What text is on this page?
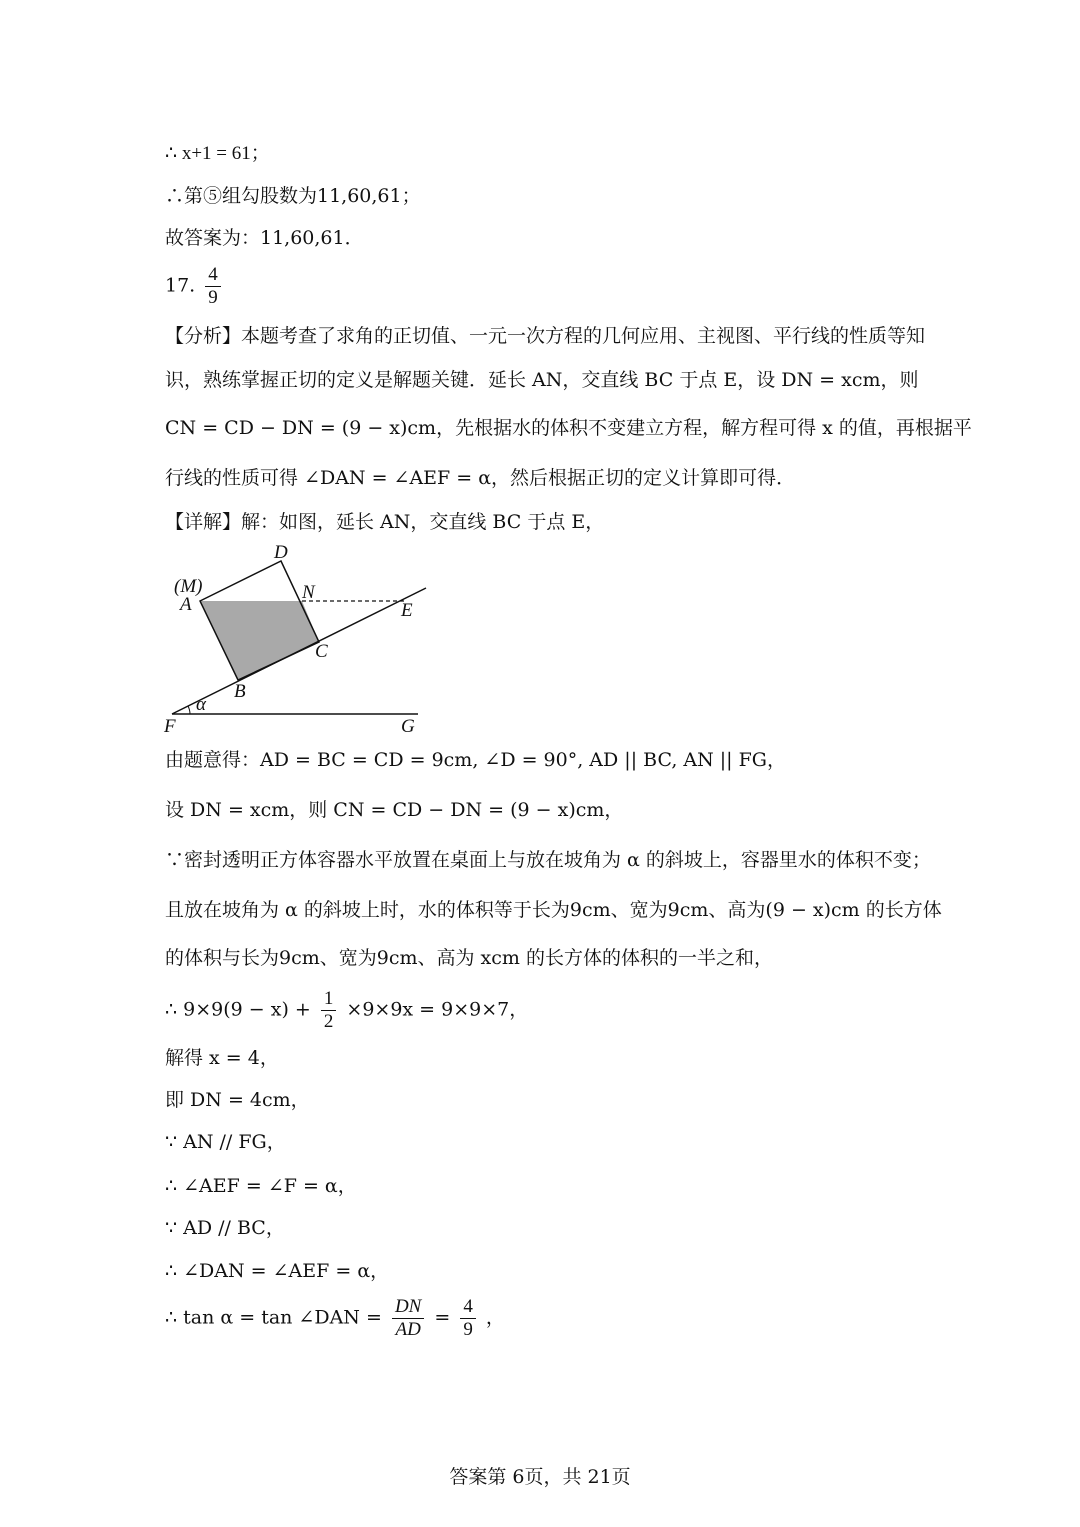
∴ x+1 = 61；
∴第⑤组勾股数为11,60,61；
故答案为：11,60,61．
17. $\frac{4}{9}$
【分析】本题考查了求角的正切值、一元一次方程的几何应用、主视图、平行线的性质等知
识，熟练掌握正切的定义是解题关键．延长 AN，交直线 BC 于点 E，设 DN = xcm，则
CN = CD − DN = (9 − x)cm，先根据水的体积不变建立方程，解方程可得 x 的值，再根据平
行线的性质可得 ∠DAN = ∠AEF = α，然后根据正切的定义计算即可得．
【详解】解：如图，延长 AN，交直线 BC 于点 E，
D
(M)
A
N
E
C
B
α
F	G
由题意得：AD = BC = CD = 9cm, ∠D = 90°, AD || BC, AN || FG，
设 DN = xcm，则 CN = CD − DN = (9 − x)cm，
∵密封透明正方体容器水平放置在桌面上与放在坡角为 α 的斜坡上，容器里水的体积不变；
且放在坡角为 α 的斜坡上时，水的体积等于长为9cm、宽为9cm、高为(9 − x)cm 的长方体
的体积与长为9cm、宽为9cm、高为 xcm 的长方体的体积的一半之和，
∴ $9\times 9(9 - x) + \frac{1}{2} \times 9\times 9x = 9\times 9\times 7$，
解得 x = 4，
即 DN = 4cm，
∵ AN // FG，
∴ ∠AEF = ∠F = α，
∵ AD // BC，
∴ ∠DAN = ∠AEF = α，
∴ tan α = tan ∠DAN = $\frac{DN}{AD} = \frac{4}{9}$ ，
答案第 6页，共 21页
